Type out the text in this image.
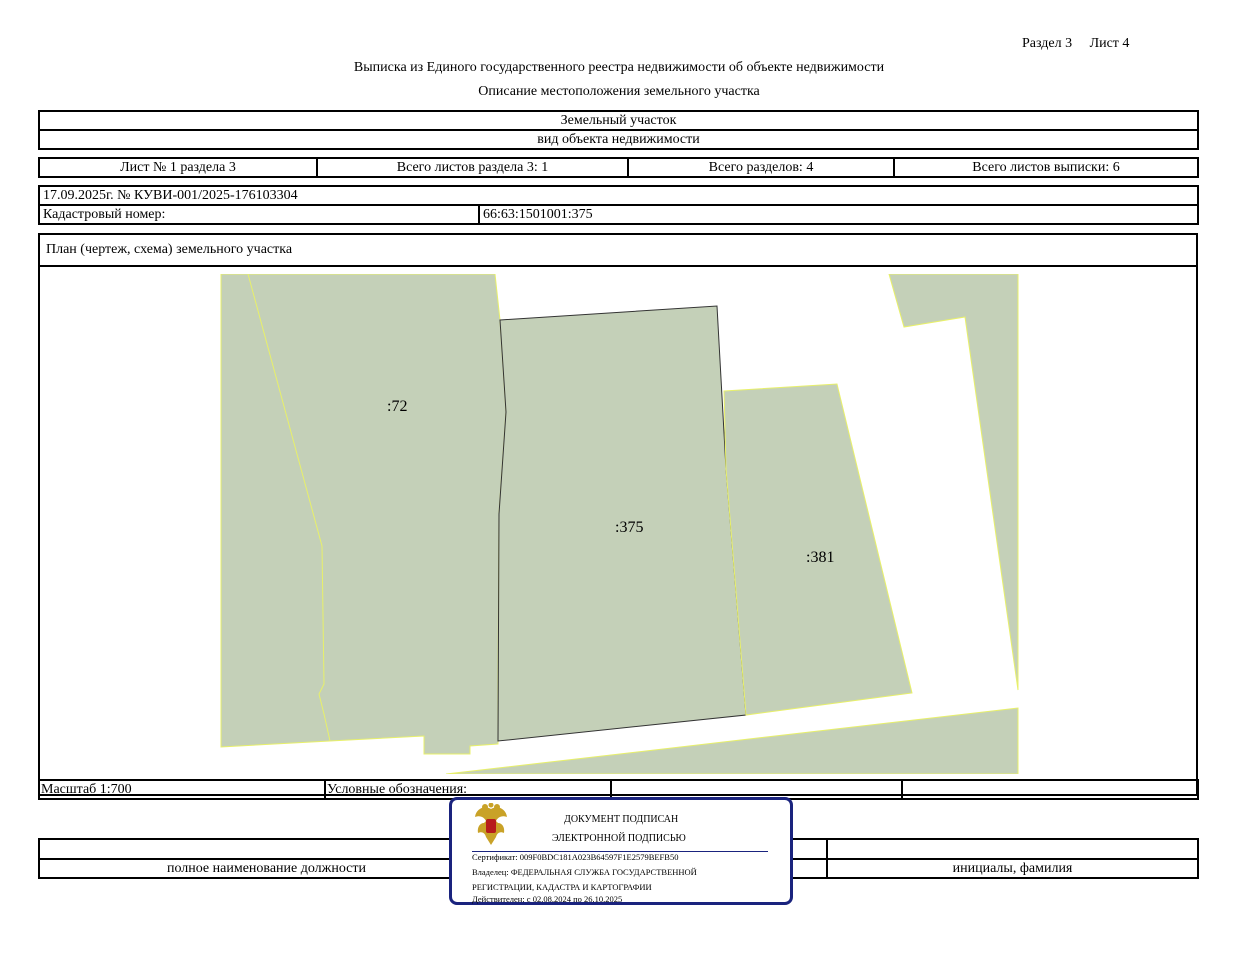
Раздел 3 Лист 4
Выписка из Единого государственного реестра недвижимости об объекте недвижимости
Описание местоположения земельного участка
Земельный участок
вид объекта недвижимости
Лист № 1 раздела 3	Всего листов раздела 3: 1	Всего разделов: 4	Всего листов выписки: 6
17.09.2025г. № КУВИ-001/2025-176103304
Кадастровый номер:	66:63:1501001:375
План (чертеж, схема) земельного участка
:72
:375
:381
Масштаб 1:700	Условные обозначения:		

полное наименование должности		инициалы, фамилия
ДОКУМЕНТ ПОДПИСАН
ЭЛЕКТРОННОЙ ПОДПИСЬЮ
Сертификат: 009F0BDC181A023B64597F1E2579BEFB50
Владелец: ФЕДЕРАЛЬНАЯ СЛУЖБА ГОСУДАРСТВЕННОЙ
РЕГИСТРАЦИИ, КАДАСТРА И КАРТОГРАФИИ
Действителен: с 02.08.2024 по 26.10.2025
